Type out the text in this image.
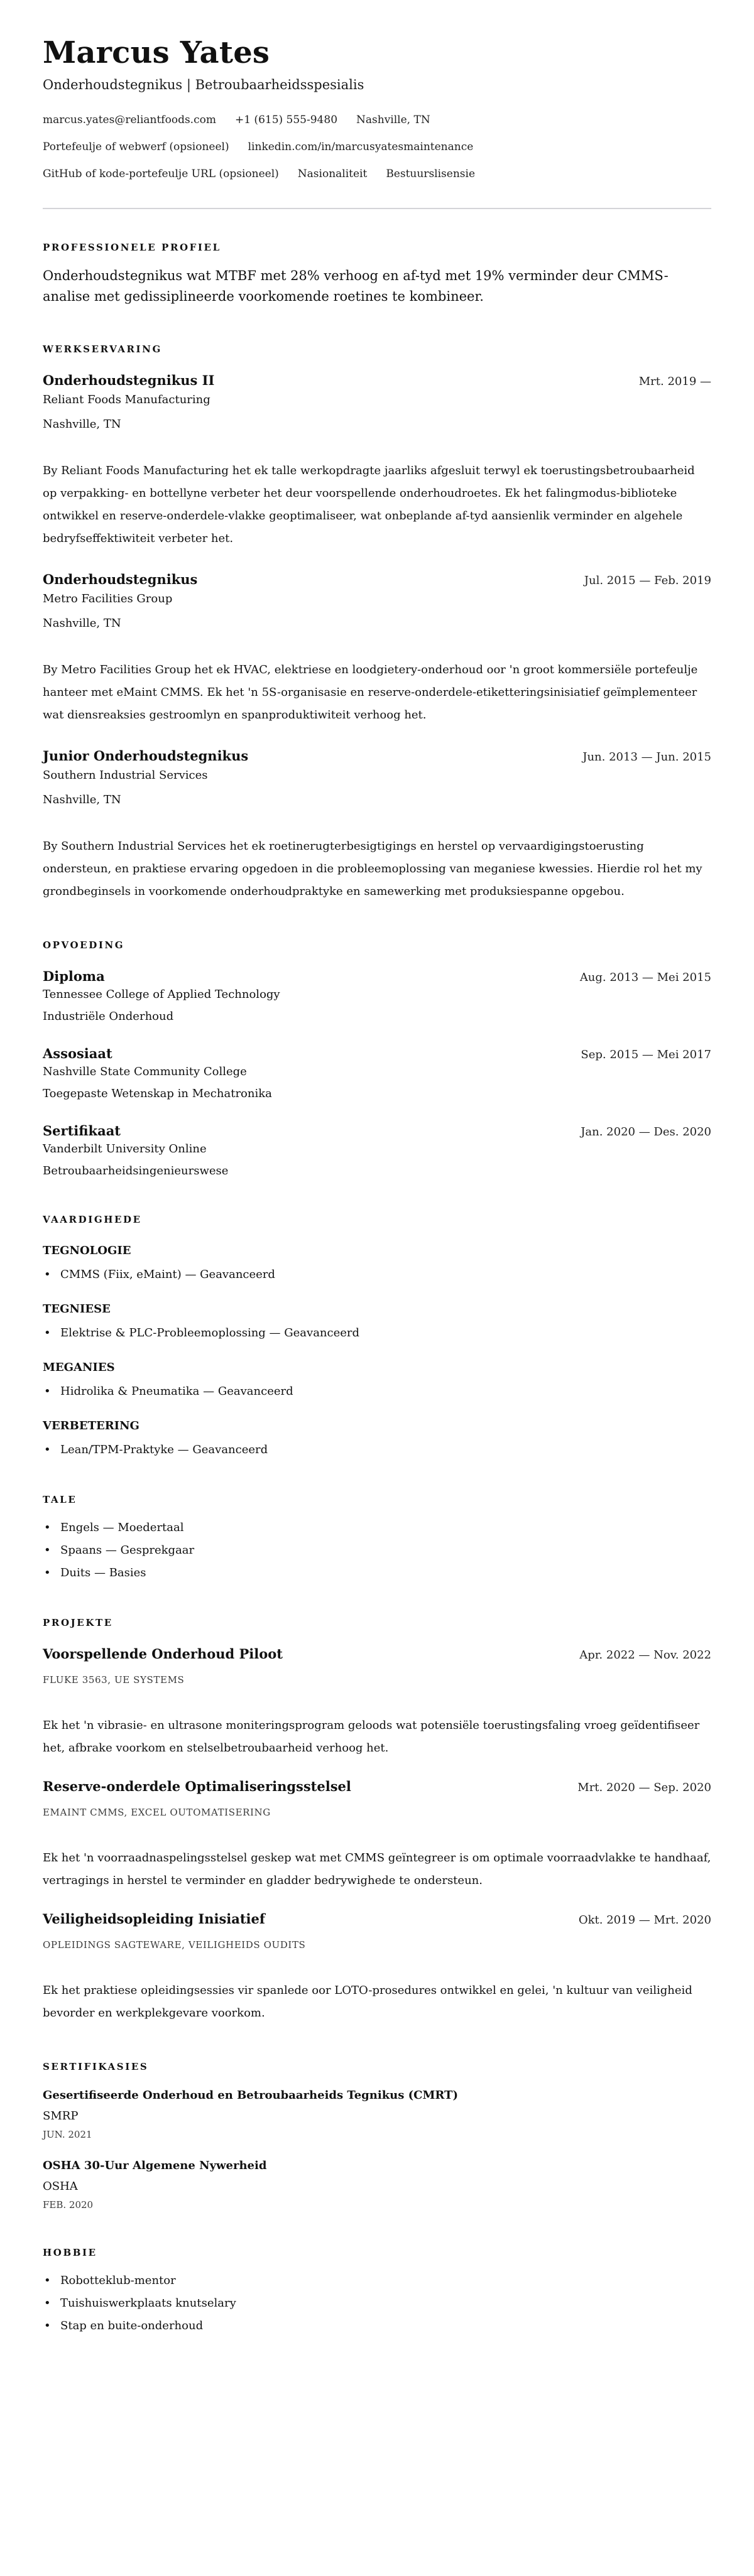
Marcus Yates
Onderhoudstegnikus | Betroubaarheidsspesialis
marcus.yates@reliantfoods.com +1 (615) 555-9480 Nashville, TN
Portefeulje of webwerf (opsioneel) linkedin.com/in/marcusyatesmaintenance
GitHub of kode-portefeulje URL (opsioneel) Nasionaliteit Bestuurslisensie
PROFESSIONELE PROFIEL

Onderhoudstegnikus wat MTBF met 28% verhoog en af-tyd met 19% verminder deur CMMS-analise met gedissiplineerde voorkomende roetines te kombineer.

WERKSERVARING
Onderhoudstegnikus II	Mrt. 2019 —
Reliant Foods Manufacturing
Nashville, TN
By Reliant Foods Manufacturing het ek talle werkopdragte jaarliks afgesluit terwyl ek toerustingsbetroubaarheid op verpakking- en bottellyne verbeter het deur voorspellende onderhoudroetes. Ek het falingmodus-biblioteke ontwikkel en reserve-onderdele-vlakke geoptimaliseer, wat onbeplande af-tyd aansienlik verminder en algehele bedryfseffektiwiteit verbeter het.
Onderhoudstegnikus	Jul. 2015 — Feb. 2019
Metro Facilities Group
Nashville, TN
By Metro Facilities Group het ek HVAC, elektriese en loodgietery-onderhoud oor 'n groot kommersiële portefeulje hanteer met eMaint CMMS. Ek het 'n 5S-organisasie en reserve-onderdele-etiketteringsinisiatief geïmplementeer wat diensreaksies gestroomlyn en spanproduktiwiteit verhoog het.
Junior Onderhoudstegnikus	Jun. 2013 — Jun. 2015
Southern Industrial Services
Nashville, TN
By Southern Industrial Services het ek roetinerugterbesigtigings en herstel op vervaardigingstoerusting ondersteun, en praktiese ervaring opgedoen in die probleemoplossing van meganiese kwessies. Hierdie rol het my grondbeginsels in voorkomende onderhoudpraktyke en samewerking met produksiespanne opgebou.
OPVOEDING
Diploma	Aug. 2013 — Mei 2015
Tennessee College of Applied Technology
Industriële Onderhoud
Assosiaat	Sep. 2015 — Mei 2017
Nashville State Community College
Toegepaste Wetenskap in Mechatronika
Sertifikaat	Jan. 2020 — Des. 2020
Vanderbilt University Online
Betroubaarheidsingenieurswese
VAARDIGHEDE
TEGNOLOGIE
• CMMS (Fiix, eMaint) — Geavanceerd
TEGNIESE
• Elektrise & PLC-Probleemoplossing — Geavanceerd
MEGANIES
• Hidrolika & Pneumatika — Geavanceerd
VERBETERING
• Lean/TPM-Praktyke — Geavanceerd
TALE
• Engels — Moedertaal
• Spaans — Gesprekgaar
• Duits — Basies
PROJEKTE
Voorspellende Onderhoud Piloot	Apr. 2022 — Nov. 2022
FLUKE 3563, UE SYSTEMS
Ek het 'n vibrasie- en ultrasone moniteringsprogram geloods wat potensiële toerustingsfaling vroeg geïdentifiseer het, afbrake voorkom en stelselbetroubaarheid verhoog het.
Reserve-onderdele Optimaliseringsstelsel	Mrt. 2020 — Sep. 2020
EMAINT CMMS, EXCEL OUTOMATISERING
Ek het 'n voorraadnaspelingsstelsel geskep wat met CMMS geïntegreer is om optimale voorraadvlakke te handhaaf, vertragings in herstel te verminder en gladder bedrywighede te ondersteun.
Veiligheidsopleiding Inisiatief	Okt. 2019 — Mrt. 2020
OPLEIDINGS SAGTEWARE, VEILIGHEIDS OUDITS
Ek het praktiese opleidingsessies vir spanlede oor LOTO-prosedures ontwikkel en gelei, 'n kultuur van veiligheid bevorder en werkplekgevare voorkom.
SERTIFIKASIES
Gesertifiseerde Onderhoud en Betroubaarheids Tegnikus (CMRT)
SMRP
JUN. 2021
OSHA 30-Uur Algemene Nywerheid
OSHA
FEB. 2020
HOBBIE
• Robotteklub-mentor
• Tuishuiswerkplaats knutselary
• Stap en buite-onderhoud
